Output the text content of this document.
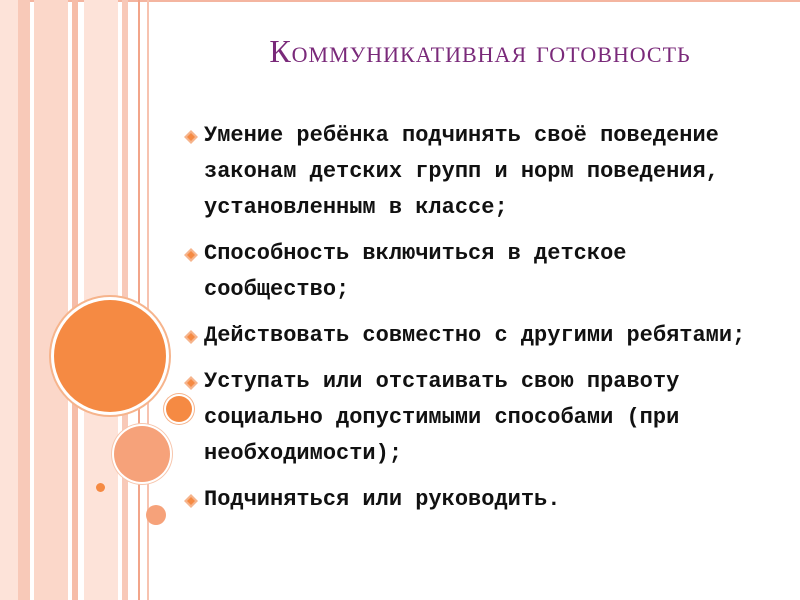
Коммуникативная готовность
Умение ребёнка подчинять своё поведение законам детских групп и норм поведения, установленным в классе;
Способность включиться в детское сообщество;
Действовать совместно с другими ребятами;
Уступать или отстаивать свою правоту социально допустимыми способами (при необходимости);
Подчиняться или руководить.
